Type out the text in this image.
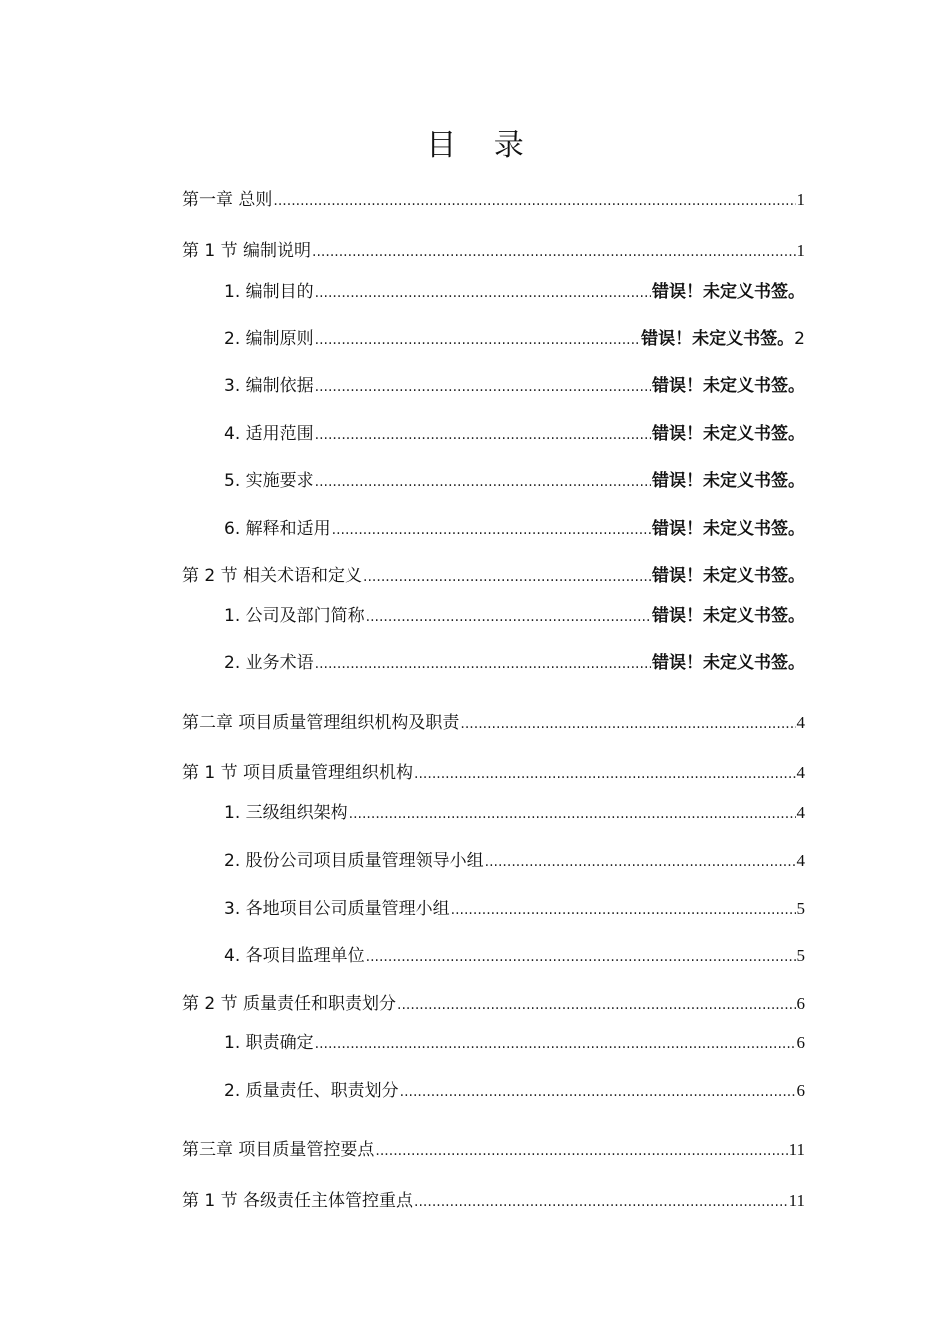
目 录
第一章 总则 .....	1
第 1 节 编制说明 .....	1
1. 编制目的 .....	错误！未定义书签。
2. 编制原则 .....	错误！未定义书签。 2
3. 编制依据 .....	错误！未定义书签。
4. 适用范围 .....	错误！未定义书签。
5. 实施要求 .....	错误！未定义书签。
6. 解释和适用 .....	错误！未定义书签。
第 2 节 相关术语和定义 .....	错误！未定义书签。
1. 公司及部门简称 .....	错误！未定义书签。
2. 业务术语 .....	错误！未定义书签。
第二章 项目质量管理组织机构及职责 .....	4
第 1 节 项目质量管理组织机构 .....	4
1. 三级组织架构 .....	4
2. 股份公司项目质量管理领导小组 .....	4
3. 各地项目公司质量管理小组 .....	5
4. 各项目监理单位 .....	5
第 2 节 质量责任和职责划分 .....	6
1. 职责确定 .....	6
2. 质量责任、职责划分 .....	6
第三章 项目质量管控要点 .....	11
第 1 节 各级责任主体管控重点 .....	11
